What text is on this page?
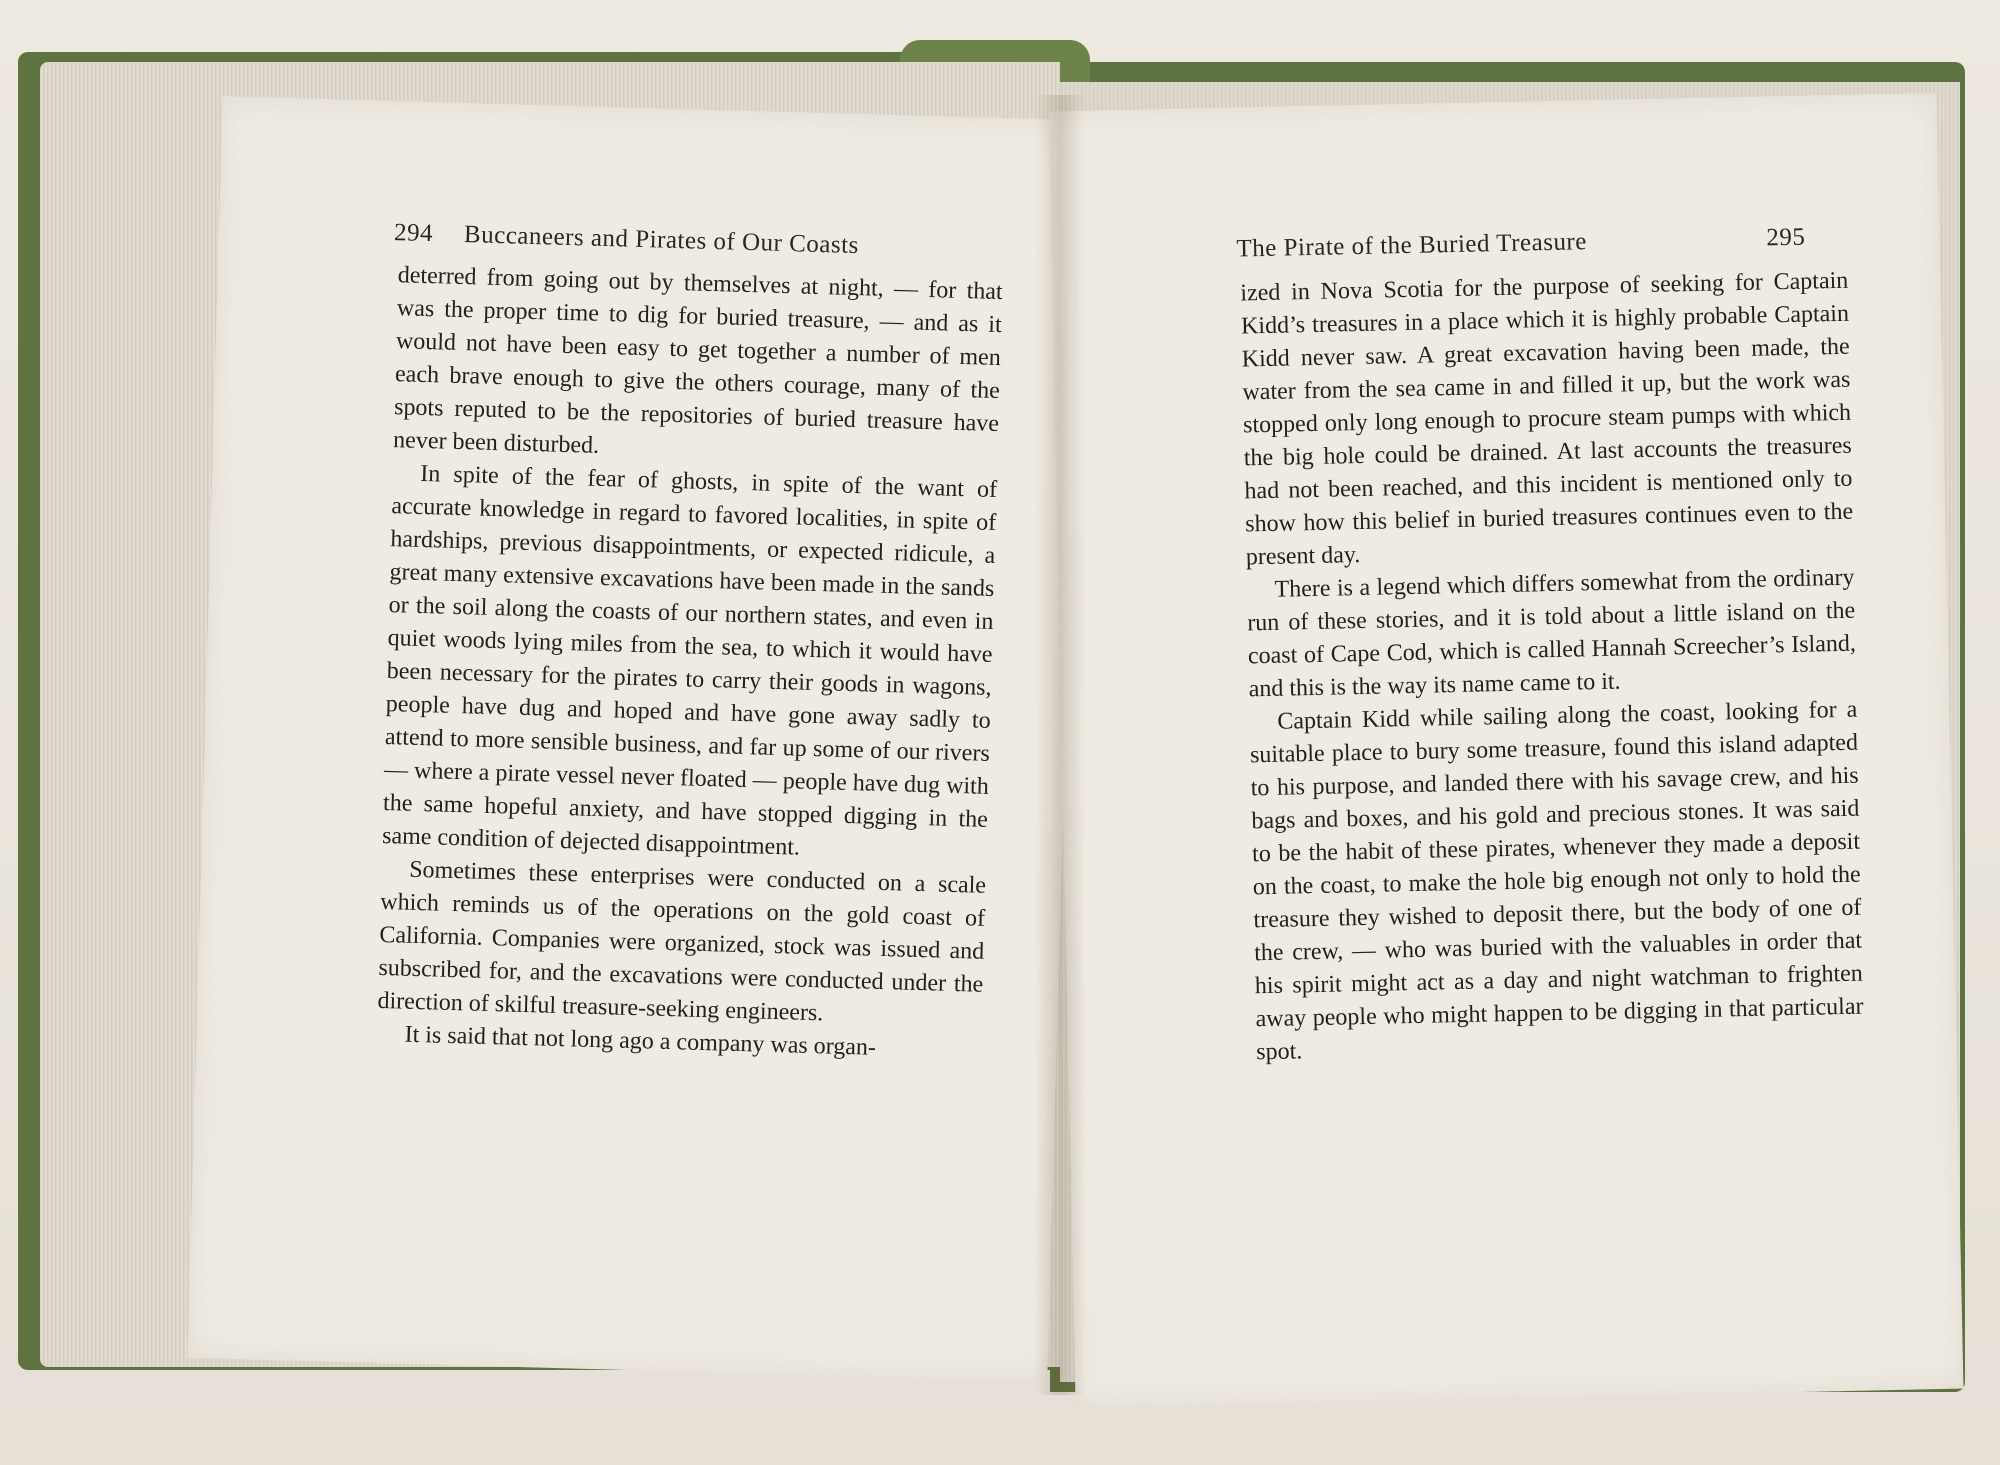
294 Buccaneers and Pirates of Our Coasts

deterred from going out by themselves at night, — for that was the proper time to dig for buried treasure, — and as it would not have been easy to get together a number of men each brave enough to give the others courage, many of the spots reputed to be the repositories of buried treasure have never been disturbed.

In spite of the fear of ghosts, in spite of the want of accurate knowledge in regard to favored localities, in spite of hardships, previous disappointments, or expected ridicule, a great many extensive excavations have been made in the sands or the soil along the coasts of our northern states, and even in quiet woods lying miles from the sea, to which it would have been necessary for the pirates to carry their goods in wagons, people have dug and hoped and have gone away sadly to attend to more sensible business, and far up some of our rivers — where a pirate vessel never floated — people have dug with the same hopeful anxiety, and have stopped digging in the same condition of dejected disappointment.

Sometimes these enterprises were conducted on a scale which reminds us of the operations on the gold coast of California. Companies were organized, stock was issued and subscribed for, and the excavations were conducted under the direction of skilful treasure-seeking engineers.

It is said that not long ago a company was organ-

The Pirate of the Buried Treasure	295

ized in Nova Scotia for the purpose of seeking for Captain Kidd’s treasures in a place which it is highly probable Captain Kidd never saw. A great excavation having been made, the water from the sea came in and filled it up, but the work was stopped only long enough to procure steam pumps with which the big hole could be drained. At last accounts the treasures had not been reached, and this incident is mentioned only to show how this belief in buried treasures continues even to the present day.

There is a legend which differs somewhat from the ordinary run of these stories, and it is told about a little island on the coast of Cape Cod, which is called Hannah Screecher’s Island, and this is the way its name came to it.

Captain Kidd while sailing along the coast, looking for a suitable place to bury some treasure, found this island adapted to his purpose, and landed there with his savage crew, and his bags and boxes, and his gold and precious stones. It was said to be the habit of these pirates, whenever they made a deposit on the coast, to make the hole big enough not only to hold the treasure they wished to deposit there, but the body of one of the crew, — who was buried with the valuables in order that his spirit might act as a day and night watchman to frighten away people who might happen to be digging in that particular spot.
